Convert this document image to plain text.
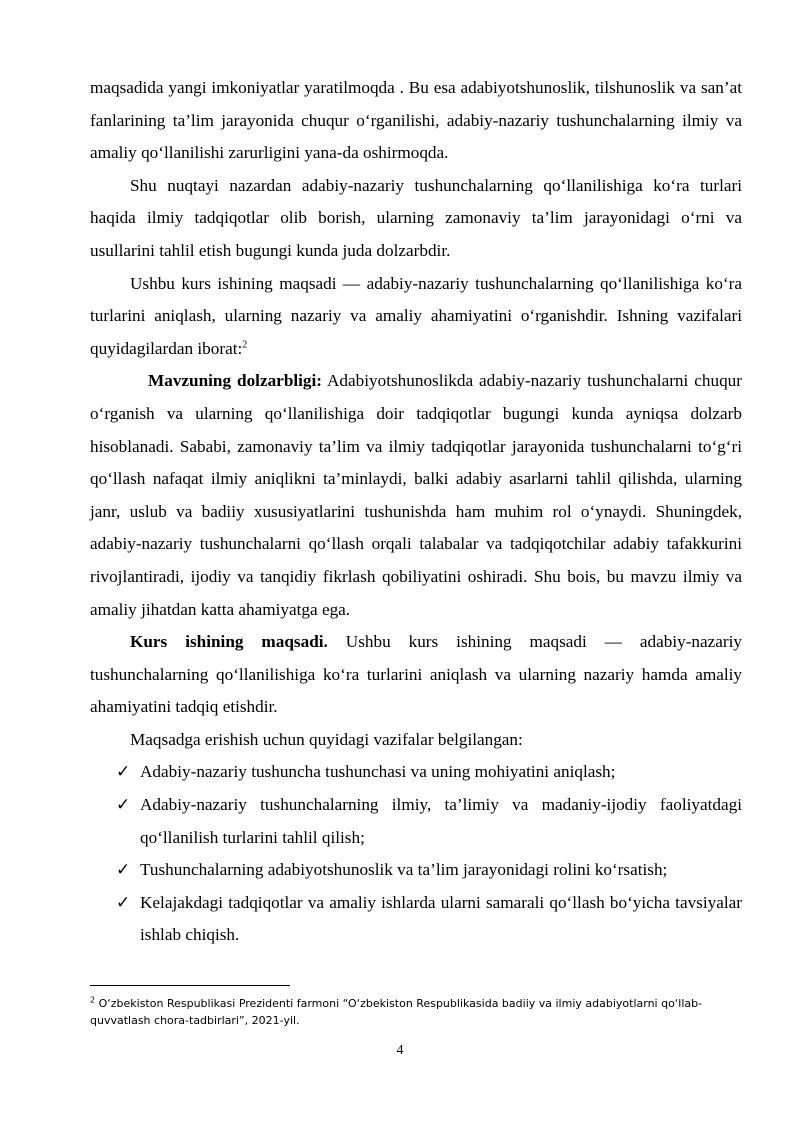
maqsadida yangi imkoniyatlar yaratilmoqda . Bu esa adabiyotshunoslik, tilshunoslik va san’at fanlarining ta’lim jarayonida chuqur o‘rganilishi, adabiy-nazariy tushunchalarning ilmiy va amaliy qo‘llanilishi zarurligini yana-da oshirmoqda.

Shu nuqtayi nazardan adabiy-nazariy tushunchalarning qo‘llanilishiga ko‘ra turlari haqida ilmiy tadqiqotlar olib borish, ularning zamonaviy ta’lim jarayonidagi o‘rni va usullarini tahlil etish bugungi kunda juda dolzarbdir.

Ushbu kurs ishining maqsadi — adabiy-nazariy tushunchalarning qo‘llanilishiga ko‘ra turlarini aniqlash, ularning nazariy va amaliy ahamiyatini o‘rganishdir. Ishning vazifalari quyidagilardan iborat:$^2$

Mavzuning dolzarbligi: Adabiyotshunoslikda adabiy-nazariy tushunchalarni chuqur o‘rganish va ularning qo‘llanilishiga doir tadqiqotlar bugungi kunda ayniqsa dolzarb hisoblanadi. Sababi, zamonaviy ta’lim va ilmiy tadqiqotlar jarayonida tushunchalarni to‘g‘ri qo‘llash nafaqat ilmiy aniqlikni ta’minlaydi, balki adabiy asarlarni tahlil qilishda, ularning janr, uslub va badiiy xususiyatlarini tushunishda ham muhim rol o‘ynaydi. Shuningdek, adabiy-nazariy tushunchalarni qo‘llash orqali talabalar va tadqiqotchilar adabiy tafakkurini rivojlantiradi, ijodiy va tanqidiy fikrlash qobiliyatini oshiradi. Shu bois, bu mavzu ilmiy va amaliy jihatdan katta ahamiyatga ega.

Kurs ishining maqsadi. Ushbu kurs ishining maqsadi — adabiy-nazariy tushunchalarning qo‘llanilishiga ko‘ra turlarini aniqlash va ularning nazariy hamda amaliy ahamiyatini tadqiq etishdir.

Maqsadga erishish uchun quyidagi vazifalar belgilangan:

✓ Adabiy-nazariy tushuncha tushunchasi va uning mohiyatini aniqlash;
✓ Adabiy-nazariy tushunchalarning ilmiy, ta’limiy va madaniy-ijodiy faoliyatdagi qo‘llanilish turlarini tahlil qilish;
✓ Tushunchalarning adabiyotshunoslik va ta’lim jarayonidagi rolini ko‘rsatish;
✓ Kelajakdagi tadqiqotlar va amaliy ishlarda ularni samarali qo‘llash bo‘yicha tavsiyalar ishlab chiqish.
$^2$ O‘zbekiston Respublikasi Prezidenti farmoni “O‘zbekiston Respublikasida badiiy va ilmiy adabiyotlarni qo‘llab-quvvatlash chora-tadbirlari”, 2021-yil.
4
